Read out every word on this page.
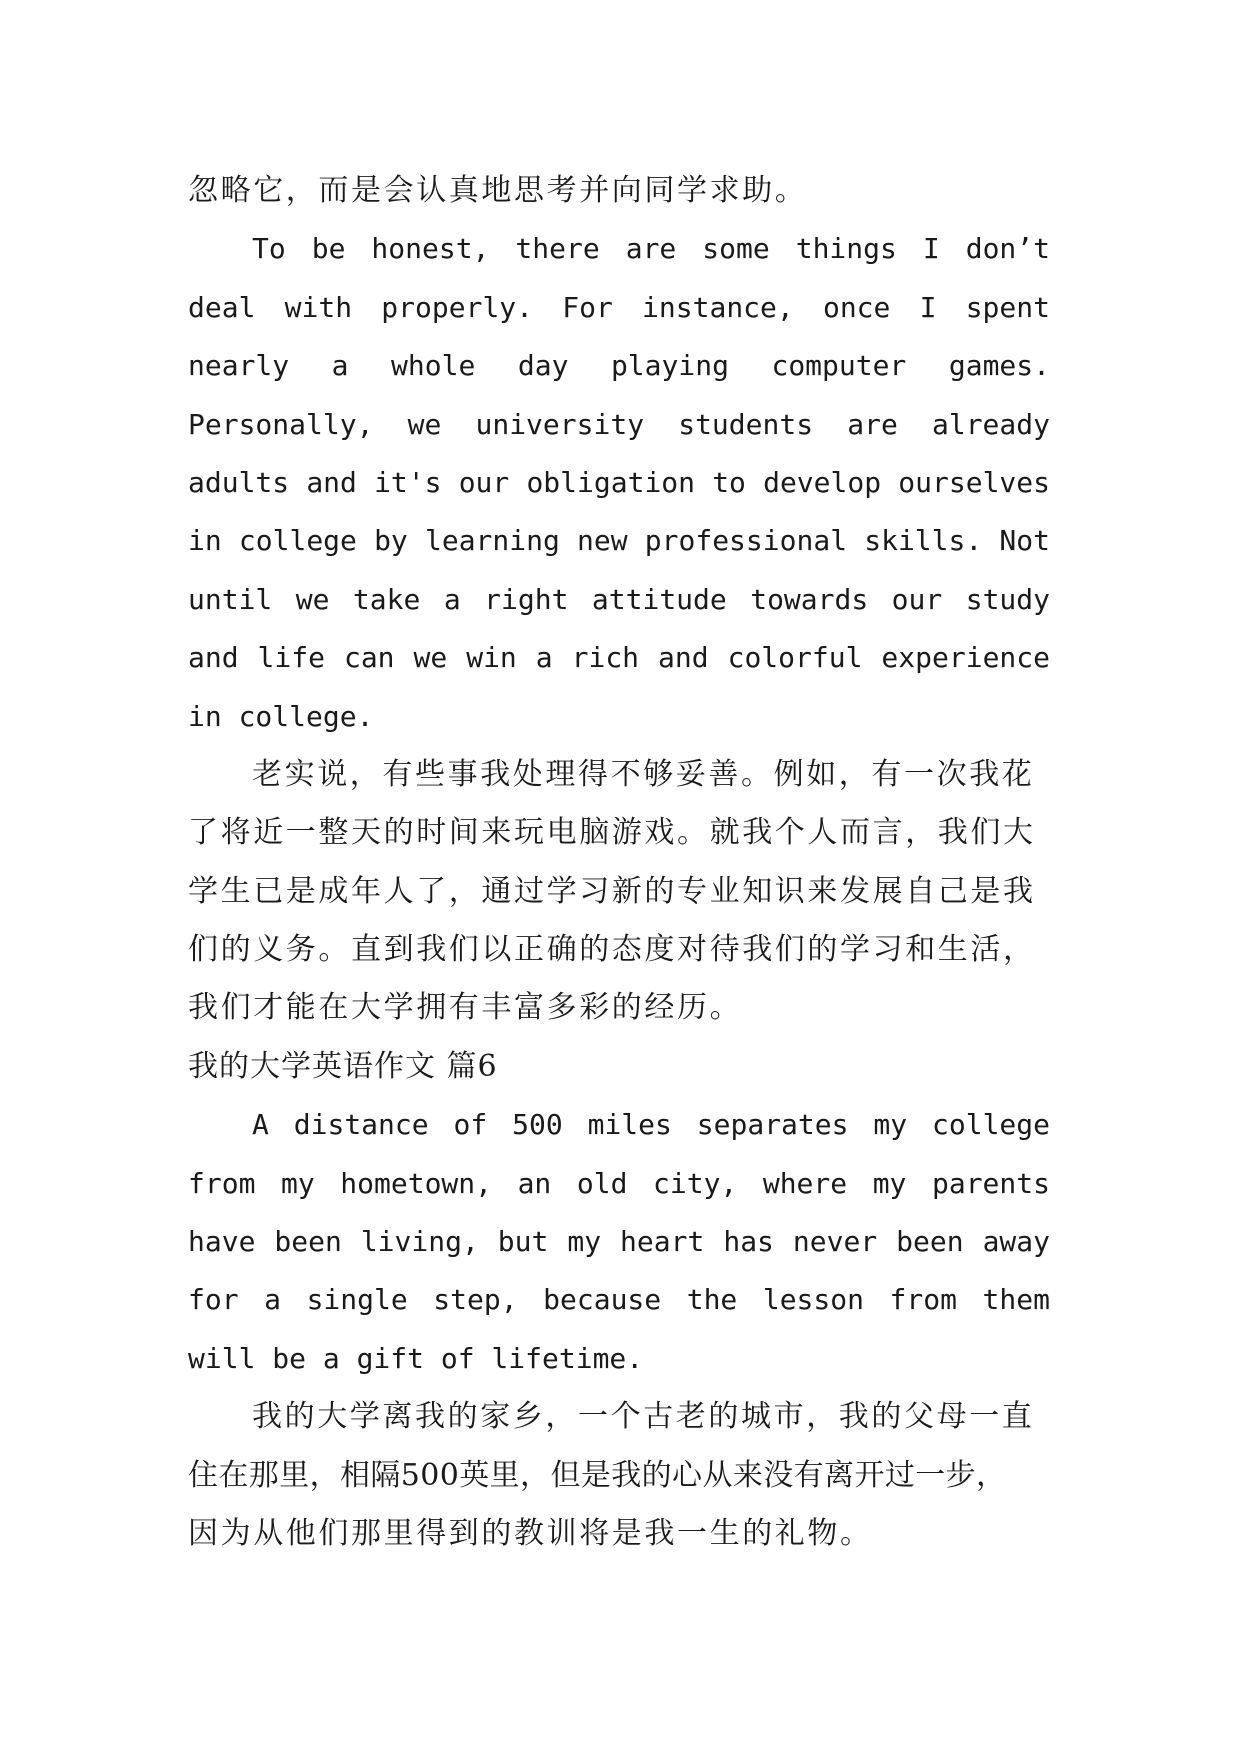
忽略它，而是会认真地思考并向同学求助。
To be honest, there are some things I don’t
deal with properly. For instance, once I spent
nearly a whole day playing computer games.
Personally, we university students are already
adults and it's our obligation to develop ourselves
in college by learning new professional skills. Not
until we take a right attitude towards our study
and life can we win a rich and colorful experience
in college.
老实说，有些事我处理得不够妥善。例如，有一次我花
了将近一整天的时间来玩电脑游戏。就我个人而言，我们大
学生已是成年人了，通过学习新的专业知识来发展自己是我
们的义务。直到我们以正确的态度对待我们的学习和生活，
我们才能在大学拥有丰富多彩的经历。
我的大学英语作文 篇6
A distance of 500 miles separates my college
from my hometown, an old city, where my parents
have been living, but my heart has never been away
for a single step, because the lesson from them
will be a gift of lifetime.
我的大学离我的家乡，一个古老的城市，我的父母一直
住在那里，相隔500英里，但是我的心从来没有离开过一步，
因为从他们那里得到的教训将是我一生的礼物。
